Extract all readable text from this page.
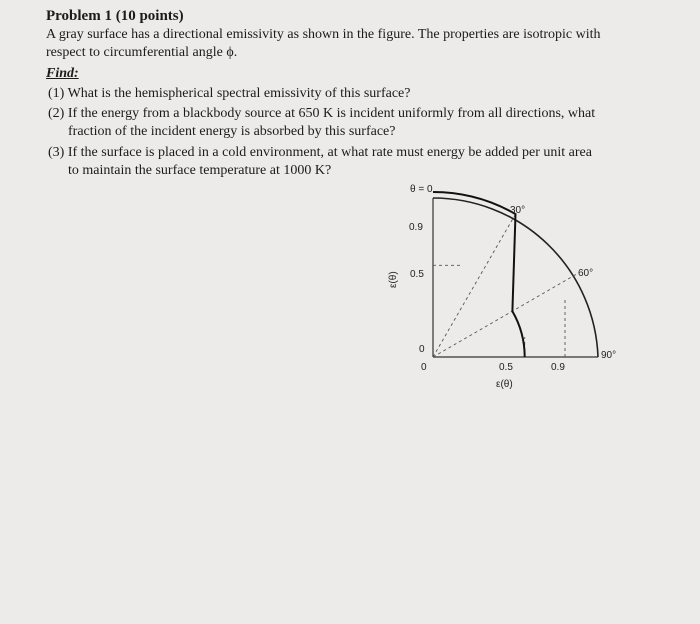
Problem 1 (10 points)
A gray surface has a directional emissivity as shown in the figure. The properties are isotropic with
respect to circumferential angle ϕ.
Find:
(1) What is the hemispherical spectral emissivity of this surface?
(2) If the energy from a blackbody source at 650 K is incident uniformly from all directions, what
fraction of the incident energy is absorbed by this surface?
(3) If the surface is placed in a cold environment, at what rate must energy be added per unit area
to maintain the surface temperature at 1000 K?
θ = 0
30°
60°
90°
0.9
0.5
0
ε(θ)
0	0.5	0.9
ε(θ)
